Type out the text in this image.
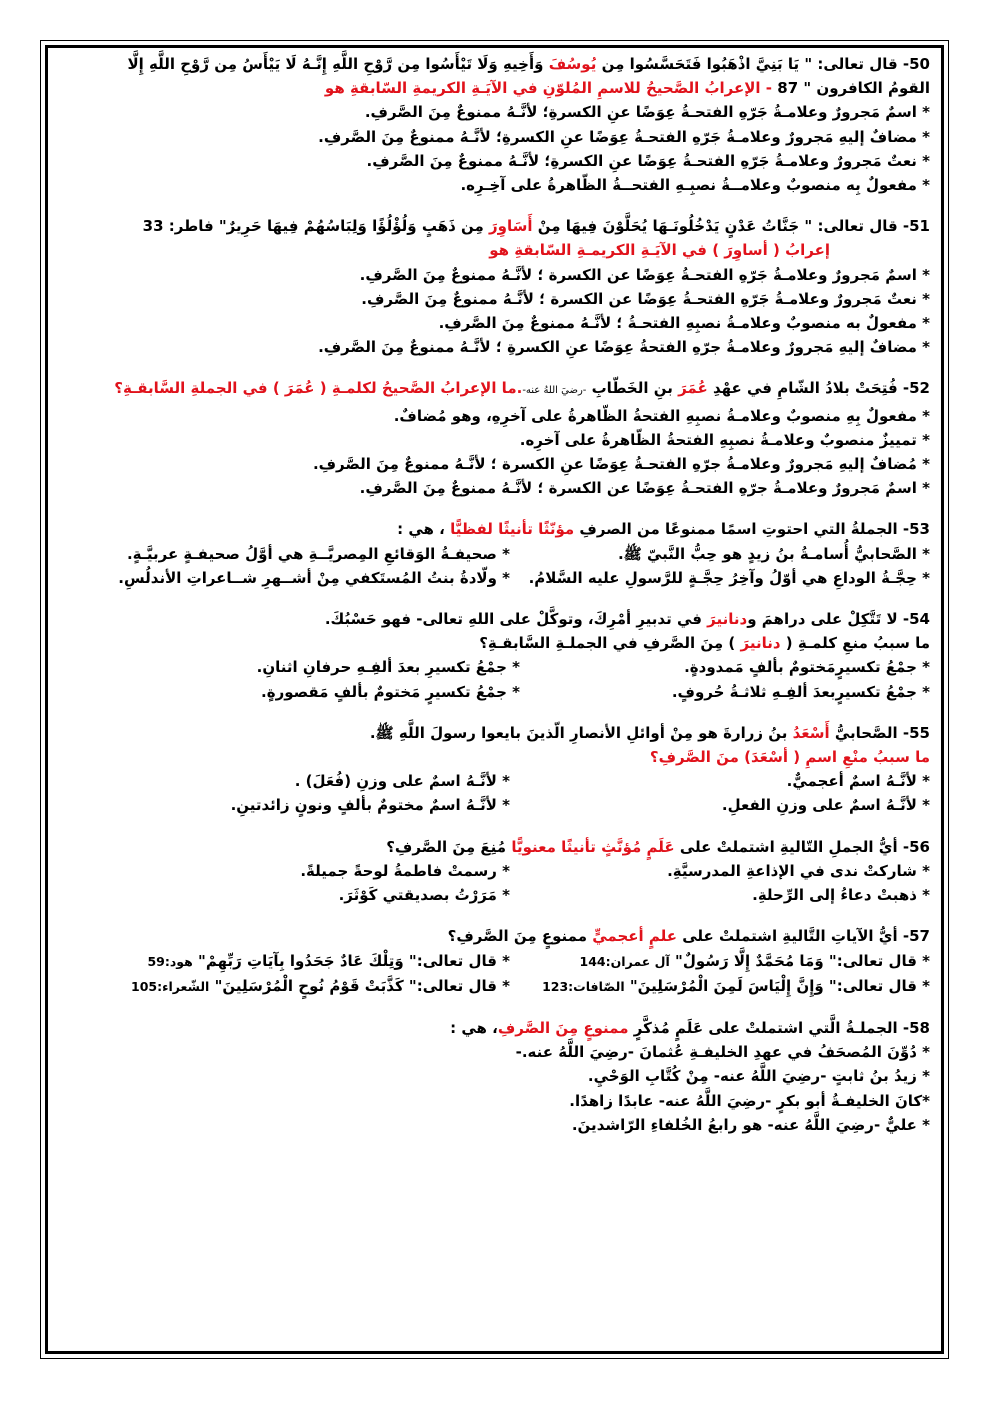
50- قال تعالى: " يَا بَنِيَّ اذْهَبُوا فَتَحَسَّسُوا مِن يُوسُفَ وَأَخِيهِ وَلَا تَيْأَسُوا مِن رَّوْحِ اللَّهِ إِنَّـهُ لَا يَيْأَسُ مِن رَّوْحِ اللَّهِ إِلَّا
القومُ الكافرون " 87 - الإعرابُ الصَّحيحُ للاسمِ المُلوّنِ في الآيَـةِ الكريمةِ السّابقةِ هو
* اسمٌ مَجرورٌ وعلامـةُ جَرّهِ الفتحـةُ عِوَضًا عنِ الكسرةِ؛ لأنَّـهُ ممنوعٌ مِنَ الصَّرفِ.
* مضافٌ إليهِ مَجرورٌ وعلامـةُ جَرّهِ الفتحـةُ عِوَضًا عنِ الكسرةِ؛ لأنَّـهُ ممنوعٌ مِنَ الصَّرفِ.
* نعتٌ مَجرورٌ وعلامـةُ جَرّهِ الفتحـةُ عِوَضًا عنِ الكسرةِ؛ لأنَّـهُ ممنوعٌ مِنَ الصَّرفِ.
* مفعولٌ بِه منصوبٌ وعلامــةُ نصبِـهِ الفتحــةُ الظّاهرةُ على آخِـرِه.
51- قال تعالى: " جَنَّاتُ عَدْنٍ يَدْخُلُونَـهَا يُحَلَّوْنَ فِيهَا مِنْ أَسَاوِرَ مِن ذَهَبٍ وَلُؤْلُؤًا وَلِبَاسُهُمْ فِيهَا حَرِيرٌ" فاطر: 33
إعرابُ ( أساوِرَ ) في الآيَـةِ الكريمـةِ السّابقةِ هو
* اسمٌ مَجرورٌ وعلامـةُ جَرّهِ الفتحـةُ عِوَضًا عن الكسرة ؛ لأنَّـهُ ممنوعٌ مِنَ الصَّرفِ.
* نعتٌ مَجرورٌ وعلامـةُ جَرّهِ الفتحـةُ عِوَضًا عن الكسرة ؛ لأنَّـهُ ممنوعٌ مِنَ الصَّرفِ.
* مفعولٌ به منصوبٌ وعلامـةُ نصبِهِ الفتحـةُ ؛ لأنَّـهُ ممنوعٌ مِنَ الصَّرفِ.
* مضافٌ إليهِ مَجرورٌ وعلامـةُ جرّهِ الفتحةُ عِوَضًا عنِ الكسرةِ ؛ لأنَّـهُ ممنوعٌ مِنَ الصَّرفِ.
52- فُتِحَتْ بلادُ الشّامِ في عهْدِ عُمَرَ بنِ الخَطّابِ -رضيَ اللهُ عنه-.ما الإعرابُ الصَّحيحُ لكلمـةِ ( عُمَرَ ) في الجملةِ السَّابقـةِ؟
* مفعولٌ بِهِ منصوبٌ وعلامـةُ نصبِهِ الفتحةُ الظّاهرةُ على آخرِهِ، وهو مُضافٌ.
* تمييزٌ منصوبٌ وعلامـةُ نصبِهِ الفتحةُ الظّاهرةُ على آخرِه.
* مُضافٌ إليهِ مَجرورٌ وعلامـةُ جرّهِ الفتحـةُ عِوَضًا عنِ الكسرة ؛ لأنَّـهُ ممنوعٌ مِنَ الصَّرفِ.
* اسمٌ مَجرورٌ وعلامـةُ جرّهِ الفتحـةُ عِوَضًا عن الكسرة ؛ لأنَّـهُ ممنوعٌ مِنَ الصَّرفِ.
53- الجملةُ التي احتوتِ اسمًا ممنوعًا من الصرفِ مؤنّثًا تأنيثًا لفظيًّا ، هي :
* الصَّحابيُّ أُسامـةُ بنُ زيدٍ هو حِبُّ النَّبيّ ﷺ.
* صحيفـةُ الوَقائعِ المِصريَّــةِ هي أوَّلُ صحيفـةٍ عربيَّـةٍ.
* حِجَّـةُ الوداعِ هي أوّلُ وآخِرُ حِجَّـةٍ للرَّسولِ عليه السَّلامُ.
* ولّادةُ بنتُ المُستَكفي مِنْ أشــهرِ شــاعراتِ الأندلُسِ.
54- لا تَتَّكِلْ على دراهمَ ودنانيرَ في تدبيرِ أمْرِكَ، وتوكَّلْ على اللهِ تعالى- فهو حَسْبُكَ.
ما سببُ منعِ كلمـةِ ( دنانيرَ ) مِنَ الصَّرفِ في الجملـةِ السَّابقـةِ؟
* جمْعُ تكسيرٍمَختومٌ بألفٍ مَمدودةٍ.
* جمْعُ تكسيرِ بعدَ ألفِـهِ حرفانِ اثنانِ.
* جمْعُ تكسيرٍبعدَ ألفِـهِ ثلاثـةُ حُروفٍ.
* جمْعُ تكسيرٍ مَختومٌ بألفٍ مَقصورةٍ.
55- الصَّحابيُّ أَسْعَدُ بنُ زرارةَ هو مِنْ أوائلِ الأنصارِ الّذينَ بايعوا رسولَ اللَّهِ ﷺ.
ما سببُ منْعِ اسمِ ( أسْعَدَ) منَ الصَّرفِ؟
* لأنَّـهُ اسمٌ أعجميٌّ.
* لأنَّـهُ اسمٌ على وزنِ (فُعَلَ) .
* لأنَّـهُ اسمٌ على وزنِ الفعلِ.
* لأنَّـهُ اسمٌ مختومٌ بألفٍ ونونٍ زائدتينِ.
56- أيُّ الجملِ التّاليةِ اشتملتْ على عَلَمٍ مُؤنَّثٍ تأنيثًا معنويًّا مُنِعَ مِنَ الصَّرفِ؟
* شاركتْ ندى في الإذاعةِ المدرسيَّةِ.
* رسمتْ فاطمةُ لوحةً جميلةً.
* ذهبتْ دعاءُ إلى الرِّحلةِ.
* مَرَرْتُ بصديقتي كَوْثَرَ.
57- أيُّ الآياتِ التَّاليةِ اشتملتْ على علمٍ أعجميٍّ ممنوعٍ مِنَ الصَّرفِ؟
* قال تعالى:" وَمَا مُحَمَّدٌ إِلَّا رَسُولٌ" آل عمران:144
* قال تعالى:" وَتِلْكَ عَادٌ جَحَدُوا بِآيَاتِ رَبِّهِمْ" هود:59
* قال تعالى:" وَإِنَّ إِلْيَاسَ لَمِنَ الْمُرْسَلِينَ" الصّافات:123
* قال تعالى:" كَذَّبَتْ قَوْمُ نُوحٍ الْمُرْسَلِينَ" الشّعراء:105
58- الجملـةُ الَّتي اشتملتْ على عَلَمٍ مُذكَّرٍ ممنوعٍ مِنَ الصَّرفِ، هي :
* دُوِّنَ المُصحَفُ في عهدِ الخليفـةِ عُثمانَ -رضِيَ اللَّهُ عنه.-
* زيدُ بنُ ثابتٍ -رضِيَ اللَّهُ عنه- مِنْ كُتَّابِ الوَحْيِ.
*كانَ الخليفـةُ أبو بكرٍ -رضِيَ اللَّهُ عنه- عابدًا زاهدًا.
* عليٌّ -رضِيَ اللَّهُ عنه- هو رابعُ الخُلفاءِ الرّاشدينَ.
